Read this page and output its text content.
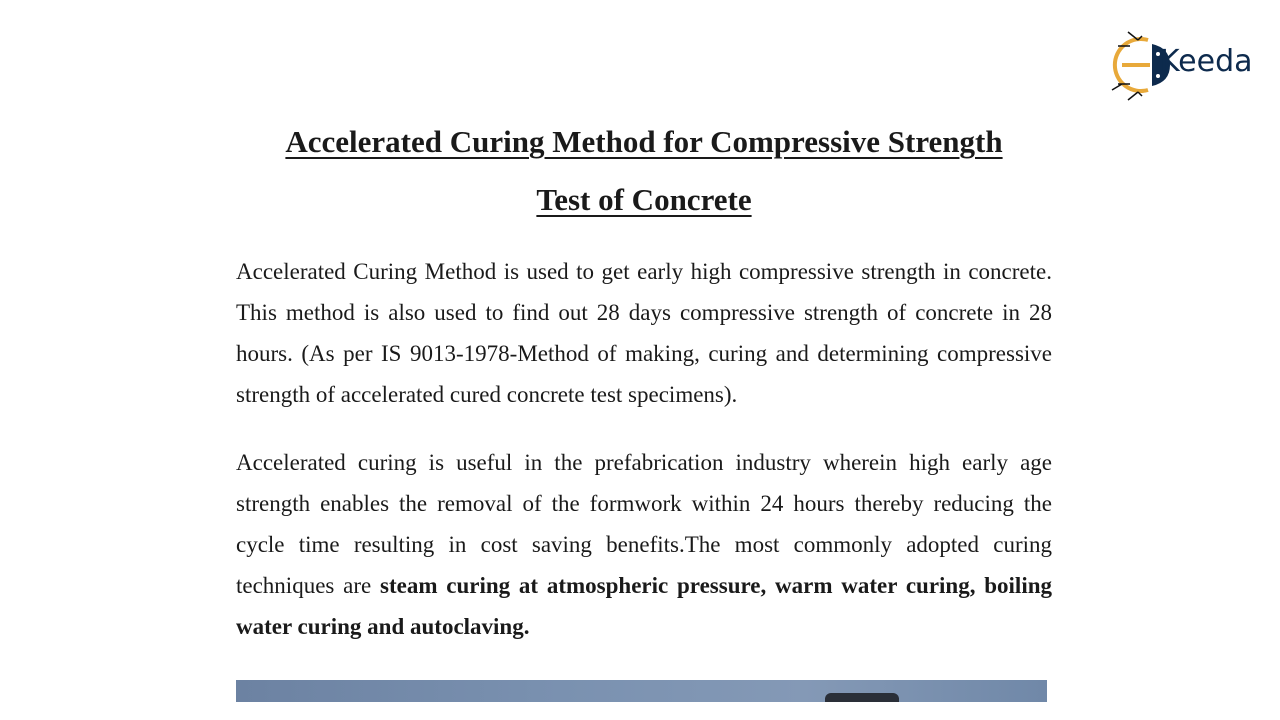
Keeda
Accelerated Curing Method for Compressive Strength
Test of Concrete
Accelerated Curing Method is used to get early high compressive strength in concrete. This method is also used to find out 28 days compressive strength of concrete in 28 hours. (As per IS 9013-1978-Method of making, curing and determining compressive strength of accelerated cured concrete test specimens).
Accelerated curing is useful in the prefabrication industry wherein high early age strength enables the removal of the formwork within 24 hours thereby reducing the cycle time resulting in cost saving benefits.The most commonly adopted curing techniques are steam curing at atmospheric pressure, warm water curing, boiling water curing and autoclaving.
